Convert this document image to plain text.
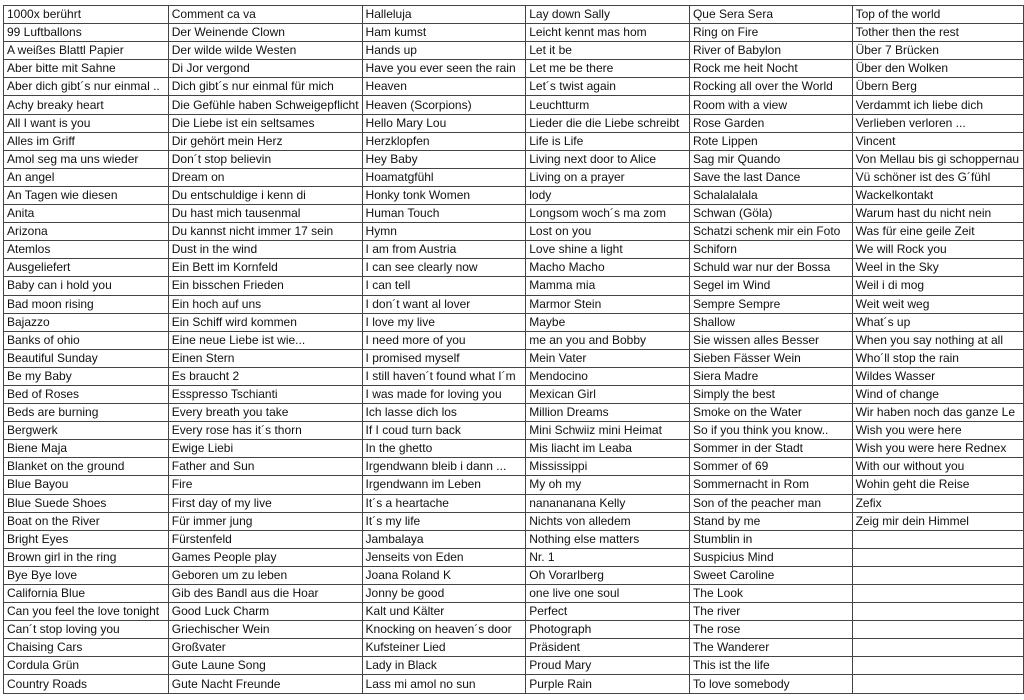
1000x berührt	Comment ca va	Halleluja	Lay down Sally	Que Sera Sera	Top of the world
99 Luftballons	Der Weinende Clown	Ham kumst	Leicht kennt mas hom	Ring on Fire	Tother then the rest
A weißes Blattl Papier	Der wilde wilde Westen	Hands up	Let it be	River of Babylon	Über 7 Brücken
Aber bitte mit Sahne	Di Jor vergond	Have you ever seen the rain	Let me be there	Rock me heit Nocht	Über den Wolken
Aber dich gibt´s nur einmal ..	Dich gibt´s nur einmal für mich	Heaven	Let´s twist again	Rocking all over the World	Übern Berg
Achy breaky heart	Die Gefühle haben Schweigepflicht	Heaven (Scorpions)	Leuchtturm	Room with a view	Verdammt ich liebe dich
All I want is you	Die Liebe ist ein seltsames	Hello Mary Lou	Lieder die die Liebe schreibt	Rose Garden	Verlieben verloren ...
Alles im Griff	Dir gehört mein Herz	Herzklopfen	Life is Life	Rote Lippen	Vincent
Amol seg ma uns wieder	Don´t stop believin	Hey Baby	Living next door to Alice	Sag mir Quando	Von Mellau bis gi schoppernau
An angel	Dream on	Hoamatgfühl	Living on a prayer	Save the last Dance	Vü schöner ist des G´fühl
An Tagen wie diesen	Du entschuldige i kenn di	Honky tonk Women	lody	Schalalalala	Wackelkontakt
Anita	Du hast mich tausenmal	Human Touch	Longsom woch´s ma zom	Schwan (Göla)	Warum hast du nicht nein
Arizona	Du kannst nicht immer 17 sein	Hymn	Lost on you	Schatzi schenk mir ein Foto	Was für eine geile Zeit
Atemlos	Dust in the wind	I am from Austria	Love shine a light	Schiforn	We will Rock you
Ausgeliefert	Ein Bett im Kornfeld	I can see clearly now	Macho Macho	Schuld war nur der Bossa	Weel in the Sky
Baby can i hold you	Ein bisschen Frieden	I can tell	Mamma mia	Segel im Wind	Weil i di mog
Bad moon rising	Ein hoch auf uns	I don´t want al lover	Marmor Stein	Sempre Sempre	Weit weit weg
Bajazzo	Ein Schiff wird kommen	I love my live	Maybe	Shallow	What´s up
Banks of ohio	Eine neue Liebe ist wie...	I need more of you	me an you and Bobby	Sie wissen alles Besser	When you say nothing at all
Beautiful Sunday	Einen Stern	I promised myself	Mein Vater	Sieben Fässer Wein	Who´ll stop the rain
Be my Baby	Es braucht 2	I still haven´t found what I´m	Mendocino	Siera Madre	Wildes Wasser
Bed of Roses	Esspresso Tschianti	I was made for loving you	Mexican Girl	Simply the best	Wind of change
Beds are burning	Every breath you take	Ich lasse dich los	Million Dreams	Smoke on the Water	Wir haben noch das ganze Le
Bergwerk	Every rose has it´s thorn	If I coud turn back	Mini Schwiiz mini Heimat	So if you think you know..	Wish you were here
Biene Maja	Ewige Liebi	In the ghetto	Mis liacht im Leaba	Sommer in der Stadt	Wish you were here Rednex
Blanket on the ground	Father and Sun	Irgendwann bleib i dann ...	Mississippi	Sommer of 69	With our without you
Blue Bayou	Fire	Irgendwann im Leben	My oh my	Sommernacht in Rom	Wohin geht die Reise
Blue Suede Shoes	First day of my live	It´s a heartache	nanananana Kelly	Son of the peacher man	Zefix
Boat on the River	Für immer jung	It´s my life	Nichts von alledem	Stand by me	Zeig mir dein Himmel
Bright Eyes	Fürstenfeld	Jambalaya	Nothing else matters	Stumblin in	
Brown girl in the ring	Games People play	Jenseits von Eden	Nr. 1	Suspicius Mind	
Bye Bye love	Geboren um zu leben	Joana Roland K	Oh Vorarlberg	Sweet Caroline	
California Blue	Gib des Bandl aus die Hoar	Jonny be good	one live one soul	The Look	
Can you feel the love tonight	Good Luck Charm	Kalt und Kälter	Perfect	The river	
Can´t stop loving you	Griechischer Wein	Knocking on heaven´s door	Photograph	The rose	
Chaising Cars	Großvater	Kufsteiner Lied	Präsident	The Wanderer	
Cordula Grün	Gute Laune Song	Lady in Black	Proud Mary	This ist the life	
Country Roads	Gute Nacht Freunde	Lass mi amol no sun	Purple Rain	To love somebody	
